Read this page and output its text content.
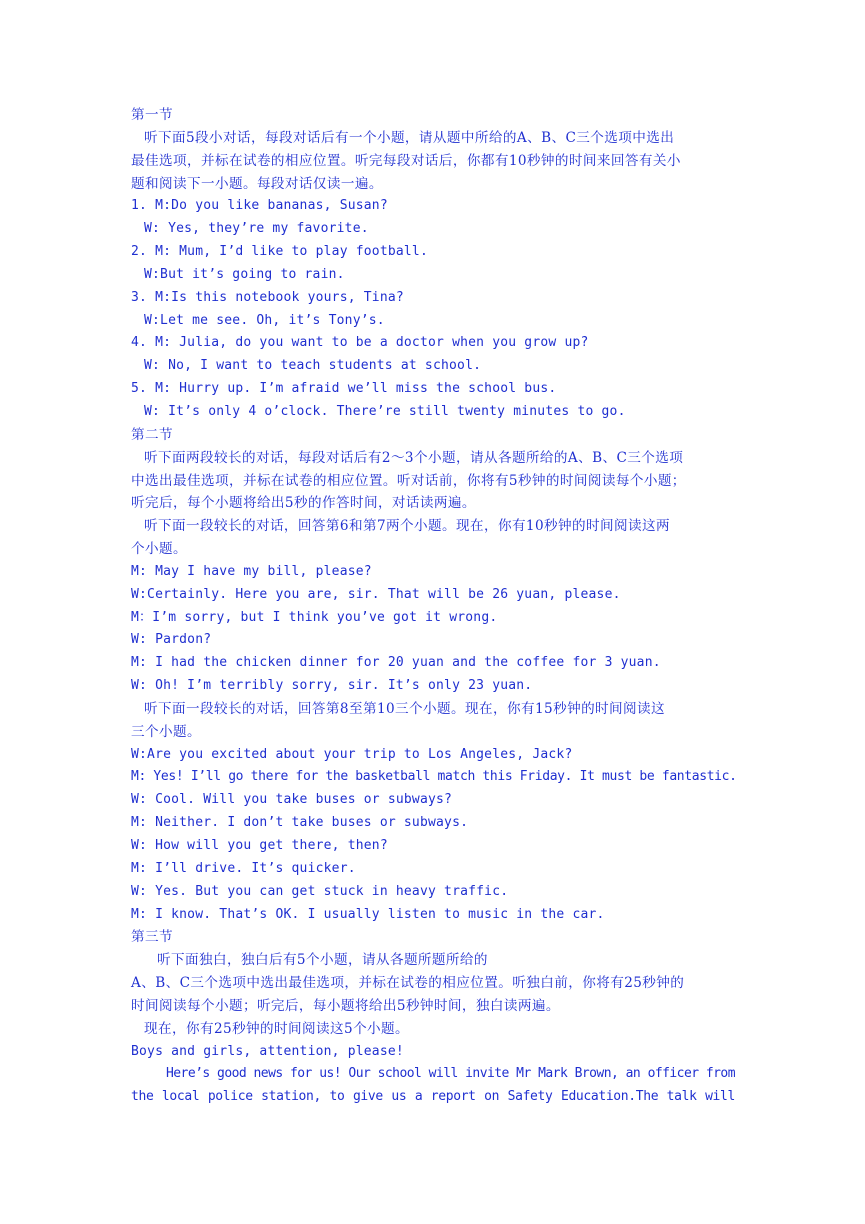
第一节
听下面5段小对话，每段对话后有一个小题，请从题中所给的A、B、C三个选项中选出
最佳选项，并标在试卷的相应位置。听完每段对话后，你都有10秒钟的时间来回答有关小
题和阅读下一小题。每段对话仅读一遍。
1. M:Do you like bananas, Susan?
W: Yes, they’re my favorite.
2. M: Mum, I’d like to play football.
W:But it’s going to rain.
3. M:Is this notebook yours, Tina?
W:Let me see. Oh, it’s Tony’s.
4. M: Julia, do you want to be a doctor when you grow up?
W: No, I want to teach students at school.
5. M: Hurry up. I’m afraid we’ll miss the school bus.
W: It’s only 4 o’clock. There’re still twenty minutes to go.
第二节
听下面两段较长的对话，每段对话后有2～3个小题，请从各题所给的A、B、C三个选项
中选出最佳选项，并标在试卷的相应位置。听对话前，你将有5秒钟的时间阅读每个小题；
听完后，每个小题将给出5秒的作答时间，对话读两遍。
听下面一段较长的对话，回答第6和第7两个小题。现在，你有10秒钟的时间阅读这两
个小题。
M: May I have my bill, please?
W:Certainly. Here you are, sir. That will be 26 yuan, please.
M：I’m sorry, but I think you’ve got it wrong.
W: Pardon?
M: I had the chicken dinner for 20 yuan and the coffee for 3 yuan.
W: Oh! I’m terribly sorry, sir. It’s only 23 yuan.
听下面一段较长的对话，回答第8至第10三个小题。现在，你有15秒钟的时间阅读这
三个小题。
W:Are you excited about your trip to Los Angeles, Jack?
M: Yes! I’ll go there for the basketball match this Friday. It must be fantastic.
W: Cool. Will you take buses or subways?
M: Neither. I don’t take buses or subways.
W: How will you get there, then?
M: I’ll drive. It’s quicker.
W: Yes. But you can get stuck in heavy traffic.
M: I know. That’s OK. I usually listen to music in the car.
第三节
听下面独白，独白后有5个小题，请从各题所题所给的
A、B、C三个选项中选出最佳选项，并标在试卷的相应位置。听独白前，你将有25秒钟的
时间阅读每个小题；听完后，每小题将给出5秒钟时间，独白读两遍。
现在，你有25秒钟的时间阅读这5个小题。
Boys and girls, attention, please!
Here’s good news for us! Our school will invite Mr Mark Brown, an officer from
the local police station, to give us a report on Safety Education.The talk will
